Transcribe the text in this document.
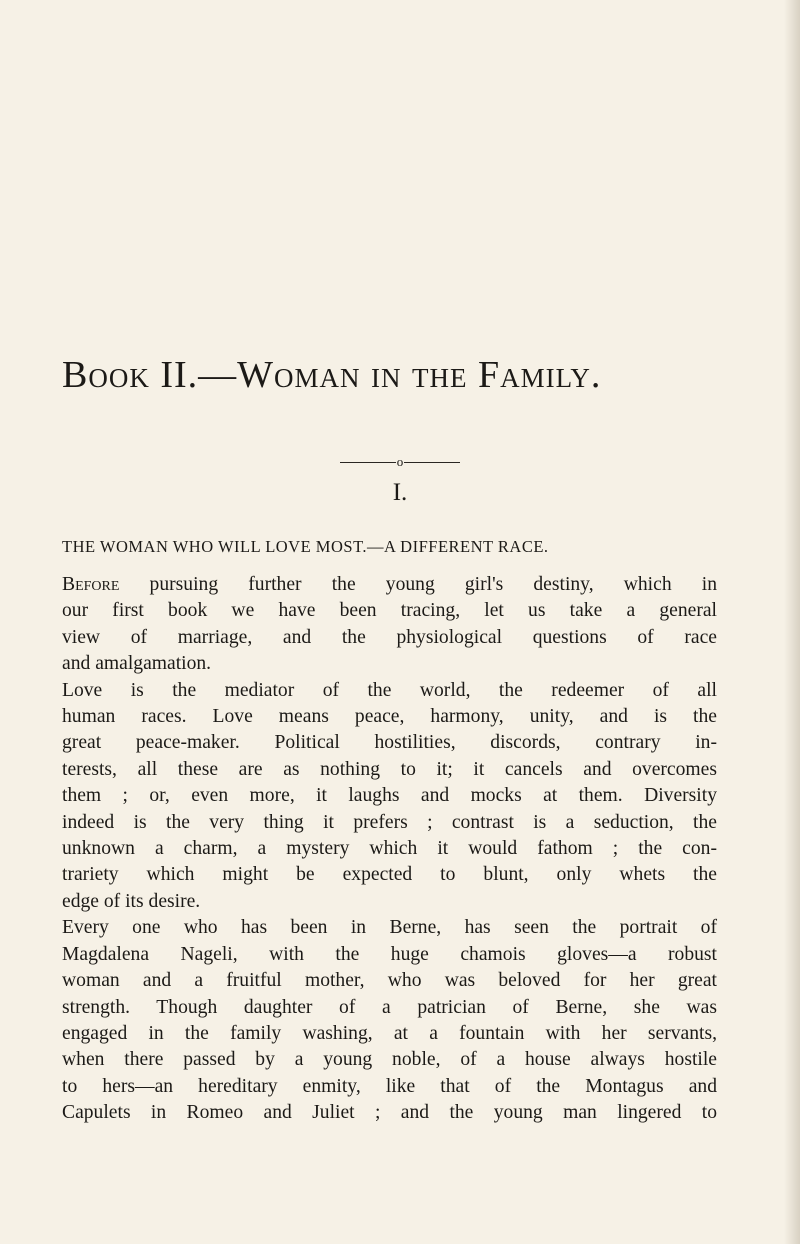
Book II.—Woman in the Family.
o
I.
THE WOMAN WHO WILL LOVE MOST.—A DIFFERENT RACE.
Before pursuing further the young girl's destiny, which in
our first book we have been tracing, let us take a general
view of marriage, and the physiological questions of race
and amalgamation.
Love is the mediator of the world, the redeemer of all
human races. Love means peace, harmony, unity, and is the
great peace-maker. Political hostilities, discords, contrary in-
terests, all these are as nothing to it; it cancels and overcomes
them ; or, even more, it laughs and mocks at them. Diversity
indeed is the very thing it prefers ; contrast is a seduction, the
unknown a charm, a mystery which it would fathom ; the con-
trariety which might be expected to blunt, only whets the
edge of its desire.
Every one who has been in Berne, has seen the portrait of
Magdalena Nageli, with the huge chamois gloves—a robust
woman and a fruitful mother, who was beloved for her great
strength. Though daughter of a patrician of Berne, she was
engaged in the family washing, at a fountain with her servants,
when there passed by a young noble, of a house always hostile
to hers—an hereditary enmity, like that of the Montagus and
Capulets in Romeo and Juliet ; and the young man lingered to
